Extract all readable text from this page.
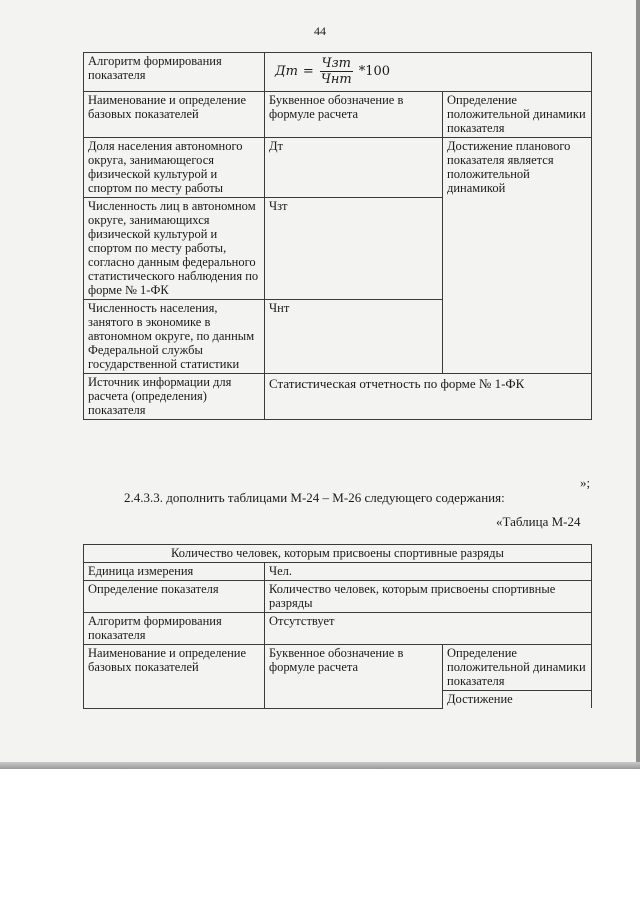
44
Алгоритм формирования показателя	Дт = $\frac{\text{Чзт}}{\text{Чнт}} *100$	

Наименование и определение базовых показателей	Буквенное обозначение в формуле расчета	Определение положительной динамики показателя
Доля населения автономного округа, занимающегося физической культурой и спортом по месту работы	Дт	Достижение планового показателя является положительной динамикой
Численность лиц в автономном округе, занимающихся физической культурой и спортом по месту работы, согласно данным федерального статистического наблюдения по форме № 1-ФК	Чзт	
Численность населения, занятого в экономике в автономном округе, по данным Федеральной службы государственной статистики	Чнт	
Источник информации для расчета (определения) показателя	Статистическая отчетность по форме № 1-ФК	
»;
2.4.3.3. дополнить таблицами М-24 – М-26 следующего содержания:
«Таблица М-24
Количество человек, которым присвоены спортивные разряды		
Единица измерения	Чел.	
Определение показателя	Количество человек, которым присвоены спортивные разряды	
Алгоритм формирования показателя	Отсутствует	
Наименование и определение базовых показателей	Буквенное обозначение в формуле расчета	Определение положительной динамики показателя
		Достижение
